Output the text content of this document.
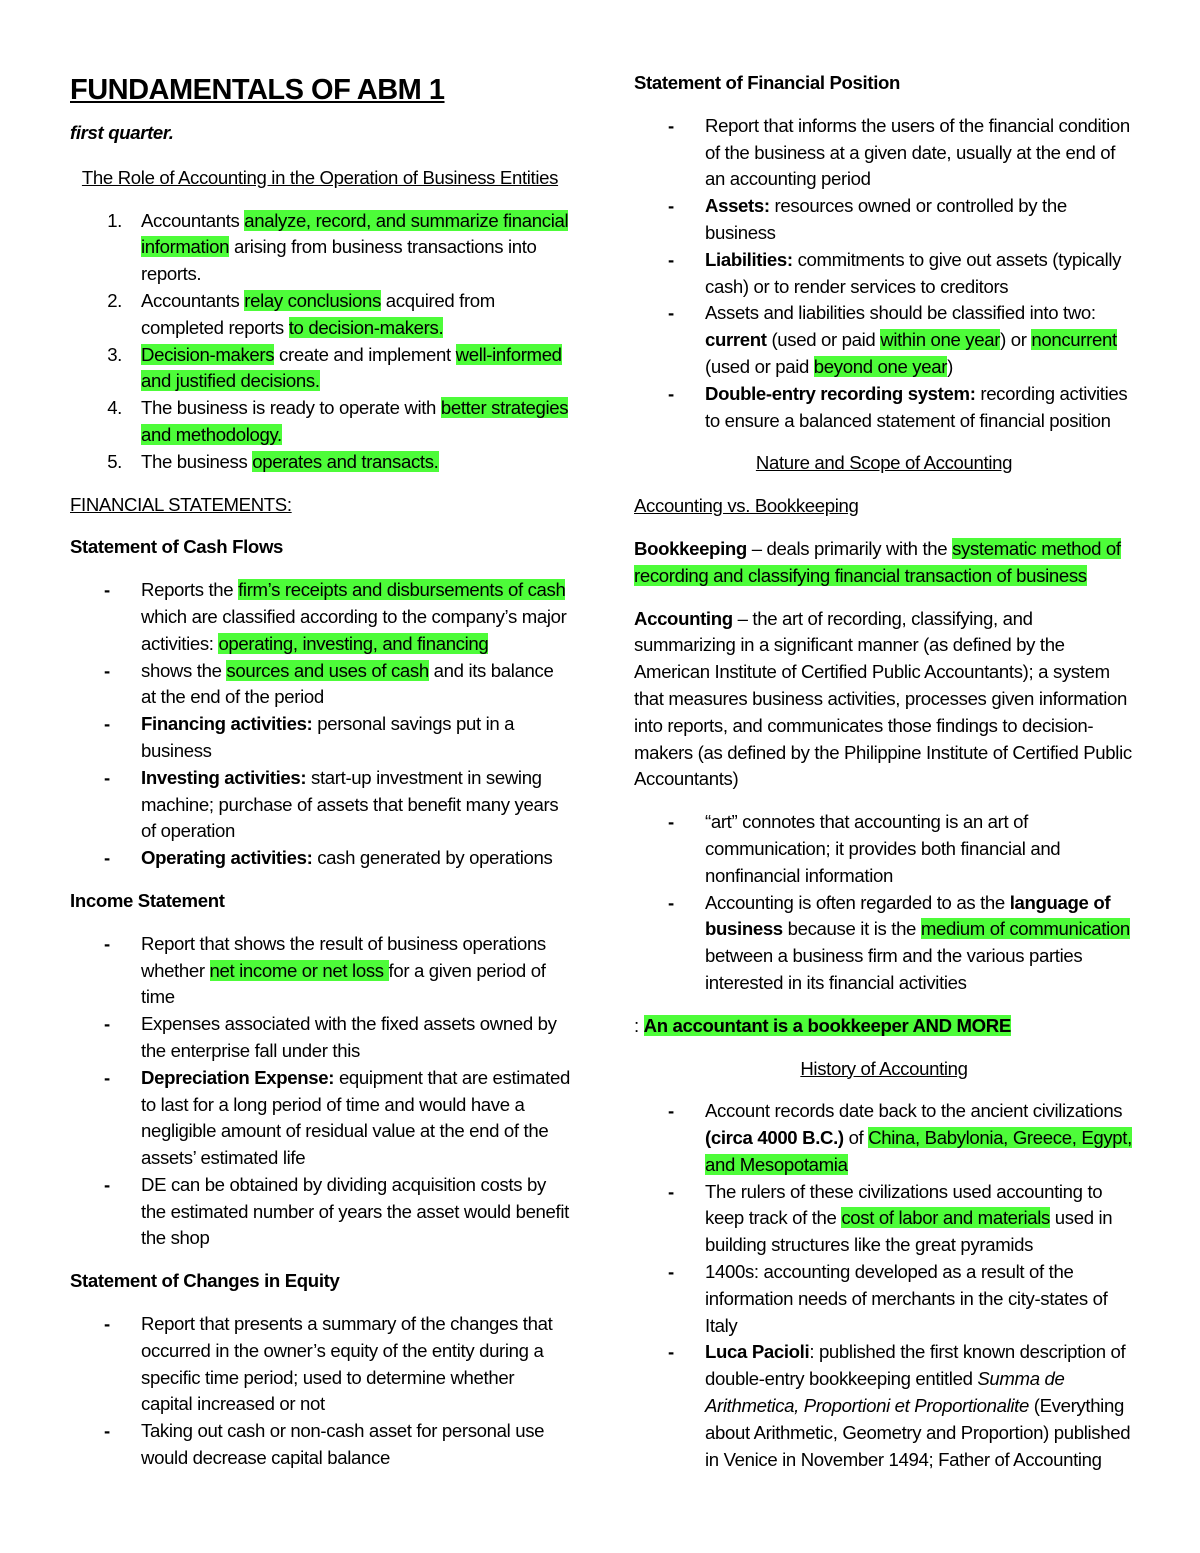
FUNDAMENTALS OF ABM 1
first quarter.
The Role of Accounting in the Operation of Business Entities
1. Accountants analyze, record, and summarize financial information arising from business transactions into reports.
2. Accountants relay conclusions acquired from completed reports to decision-makers.
3. Decision-makers create and implement well-informed and justified decisions.
4. The business is ready to operate with better strategies and methodology.
5. The business operates and transacts.
FINANCIAL STATEMENTS:
Statement of Cash Flows
- Reports the firm’s receipts and disbursements of cash which are classified according to the company’s major activities: operating, investing, and financing
- shows the sources and uses of cash and its balance at the end of the period
- Financing activities: personal savings put in a business
- Investing activities: start-up investment in sewing machine; purchase of assets that benefit many years of operation
- Operating activities: cash generated by operations
Income Statement
- Report that shows the result of business operations whether net income or net loss for a given period of time
- Expenses associated with the fixed assets owned by the enterprise fall under this
- Depreciation Expense: equipment that are estimated to last for a long period of time and would have a negligible amount of residual value at the end of the assets’ estimated life
- DE can be obtained by dividing acquisition costs by the estimated number of years the asset would benefit the shop
Statement of Changes in Equity
- Report that presents a summary of the changes that occurred in the owner’s equity of the entity during a specific time period; used to determine whether capital increased or not
- Taking out cash or non-cash asset for personal use would decrease capital balance
Statement of Financial Position
- Report that informs the users of the financial condition of the business at a given date, usually at the end of an accounting period
- Assets: resources owned or controlled by the business
- Liabilities: commitments to give out assets (typically cash) or to render services to creditors
- Assets and liabilities should be classified into two: current (used or paid within one year) or noncurrent (used or paid beyond one year)
- Double-entry recording system: recording activities to ensure a balanced statement of financial position
Nature and Scope of Accounting
Accounting vs. Bookkeeping
Bookkeeping – deals primarily with the systematic method of recording and classifying financial transaction of business
Accounting – the art of recording, classifying, and summarizing in a significant manner (as defined by the American Institute of Certified Public Accountants); a system that measures business activities, processes given information into reports, and communicates those findings to decision-makers (as defined by the Philippine Institute of Certified Public Accountants)
- “art” connotes that accounting is an art of communication; it provides both financial and nonfinancial information
- Accounting is often regarded to as the language of business because it is the medium of communication between a business firm and the various parties interested in its financial activities
: An accountant is a bookkeeper AND MORE
History of Accounting
- Account records date back to the ancient civilizations (circa 4000 B.C.) of China, Babylonia, Greece, Egypt, and Mesopotamia
- The rulers of these civilizations used accounting to keep track of the cost of labor and materials used in building structures like the great pyramids
- 1400s: accounting developed as a result of the information needs of merchants in the city-states of Italy
- Luca Pacioli: published the first known description of double-entry bookkeeping entitled Summa de Arithmetica, Proportioni et Proportionalite (Everything about Arithmetic, Geometry and Proportion) published in Venice in November 1494; Father of Accounting
